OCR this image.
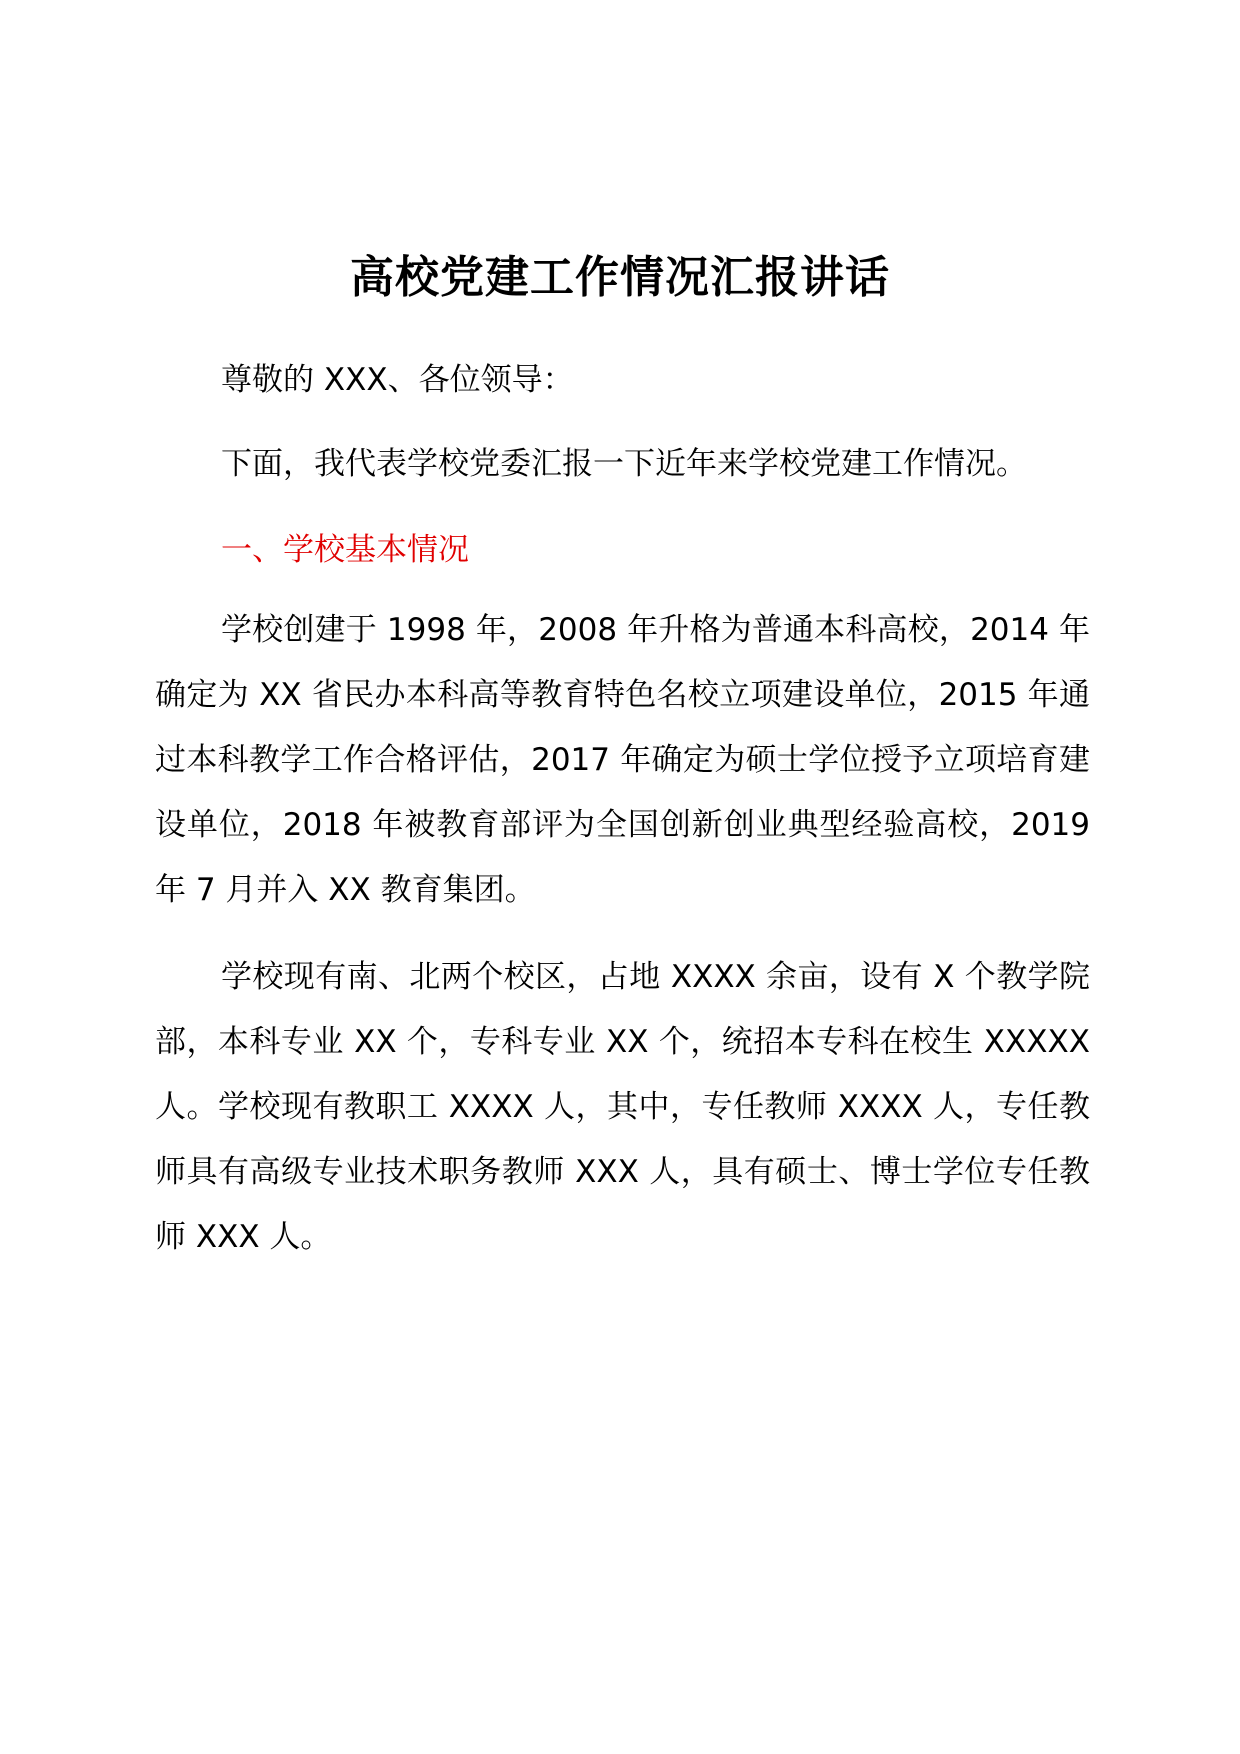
高校党建工作情况汇报讲话

尊敬的 XXX、各位领导：

下面，我代表学校党委汇报一下近年来学校党建工作情况。

一、学校基本情况

学校创建于 1998 年，2008 年升格为普通本科高校，2014 年确定为 XX 省民办本科高等教育特色名校立项建设单位，2015 年通过本科教学工作合格评估，2017 年确定为硕士学位授予立项培育建设单位，2018 年被教育部评为全国创新创业典型经验高校，2019 年 7 月并入 XX 教育集团。

学校现有南、北两个校区，占地 XXXX 余亩，设有 X 个教学院部，本科专业 XX 个，专科专业 XX 个，统招本专科在校生 XXXXX 人。学校现有教职工 XXXX 人，其中，专任教师 XXXX 人，专任教师具有高级专业技术职务教师 XXX 人，具有硕士、博士学位专任教师 XXX 人。
